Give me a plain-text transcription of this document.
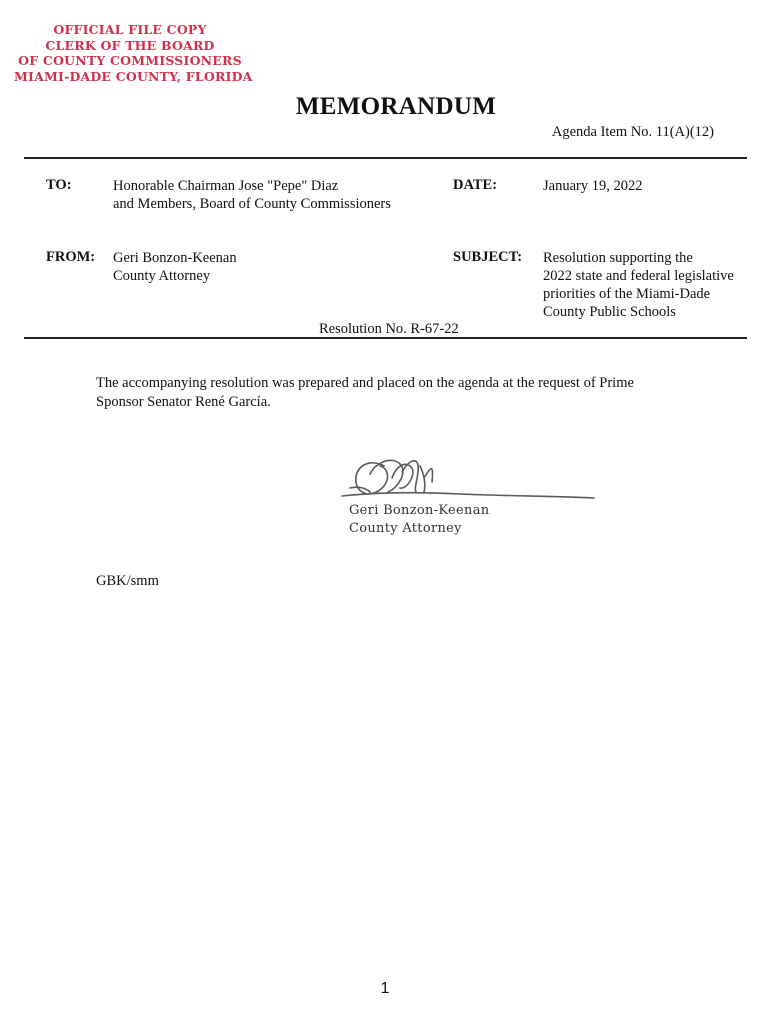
OFFICIAL FILE COPY
CLERK OF THE BOARD
OF COUNTY COMMISSIONERS
MIAMI-DADE COUNTY, FLORIDA
MEMORANDUM
Agenda Item No. 11(A)(12)
TO:	Honorable Chairman Jose "Pepe" Diaz
and Members, Board of County Commissioners
DATE:	January 19, 2022
FROM: Geri Bonzon-Keenan
County Attorney
SUBJECT: Resolution supporting the
2022 state and federal legislative
priorities of the Miami-Dade
County Public Schools
Resolution No. R-67-22
The accompanying resolution was prepared and placed on the agenda at the request of Prime
Sponsor Senator René García.
Geri Bonzon-Keenan
County Attorney
GBK/smm
1
